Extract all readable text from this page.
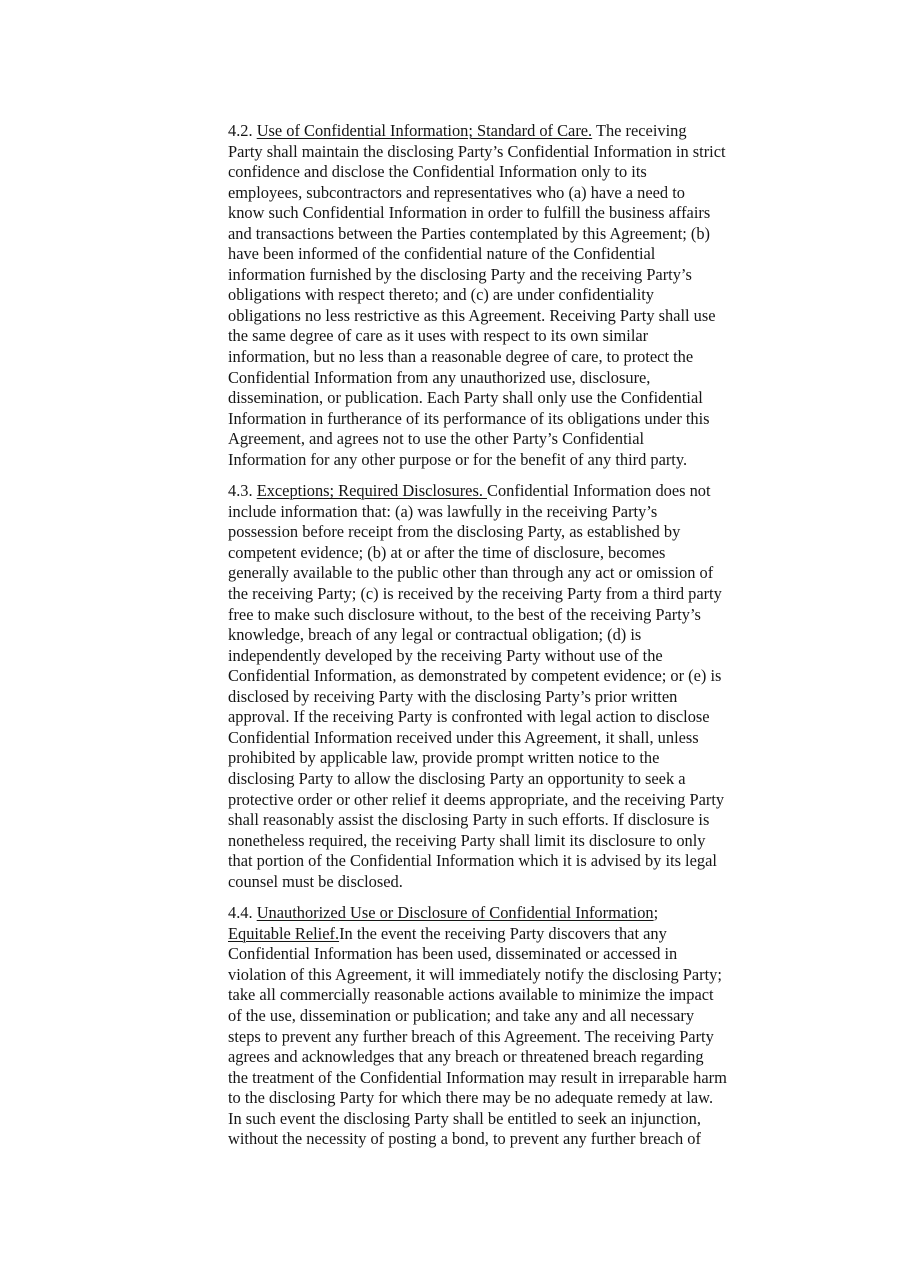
4.2. Use of Confidential Information; Standard of Care. The receiving
Party shall maintain the disclosing Party’s Confidential Information in strict
confidence and disclose the Confidential Information only to its
employees, subcontractors and representatives who (a) have a need to
know such Confidential Information in order to fulfill the business affairs
and transactions between the Parties contemplated by this Agreement; (b)
have been informed of the confidential nature of the Confidential
information furnished by the disclosing Party and the receiving Party’s
obligations with respect thereto; and (c) are under confidentiality
obligations no less restrictive as this Agreement. Receiving Party shall use
the same degree of care as it uses with respect to its own similar
information, but no less than a reasonable degree of care, to protect the
Confidential Information from any unauthorized use, disclosure,
dissemination, or publication. Each Party shall only use the Confidential
Information in furtherance of its performance of its obligations under this
Agreement, and agrees not to use the other Party’s Confidential
Information for any other purpose or for the benefit of any third party.
4.3. Exceptions; Required Disclosures. Confidential Information does not
include information that: (a) was lawfully in the receiving Party’s
possession before receipt from the disclosing Party, as established by
competent evidence; (b) at or after the time of disclosure, becomes
generally available to the public other than through any act or omission of
the receiving Party; (c) is received by the receiving Party from a third party
free to make such disclosure without, to the best of the receiving Party’s
knowledge, breach of any legal or contractual obligation; (d) is
independently developed by the receiving Party without use of the
Confidential Information, as demonstrated by competent evidence; or (e) is
disclosed by receiving Party with the disclosing Party’s prior written
approval. If the receiving Party is confronted with legal action to disclose
Confidential Information received under this Agreement, it shall, unless
prohibited by applicable law, provide prompt written notice to the
disclosing Party to allow the disclosing Party an opportunity to seek a
protective order or other relief it deems appropriate, and the receiving Party
shall reasonably assist the disclosing Party in such efforts. If disclosure is
nonetheless required, the receiving Party shall limit its disclosure to only
that portion of the Confidential Information which it is advised by its legal
counsel must be disclosed.
4.4. Unauthorized Use or Disclosure of Confidential Information;
Equitable Relief.In the event the receiving Party discovers that any
Confidential Information has been used, disseminated or accessed in
violation of this Agreement, it will immediately notify the disclosing Party;
take all commercially reasonable actions available to minimize the impact
of the use, dissemination or publication; and take any and all necessary
steps to prevent any further breach of this Agreement. The receiving Party
agrees and acknowledges that any breach or threatened breach regarding
the treatment of the Confidential Information may result in irreparable harm
to the disclosing Party for which there may be no adequate remedy at law.
In such event the disclosing Party shall be entitled to seek an injunction,
without the necessity of posting a bond, to prevent any further breach of
